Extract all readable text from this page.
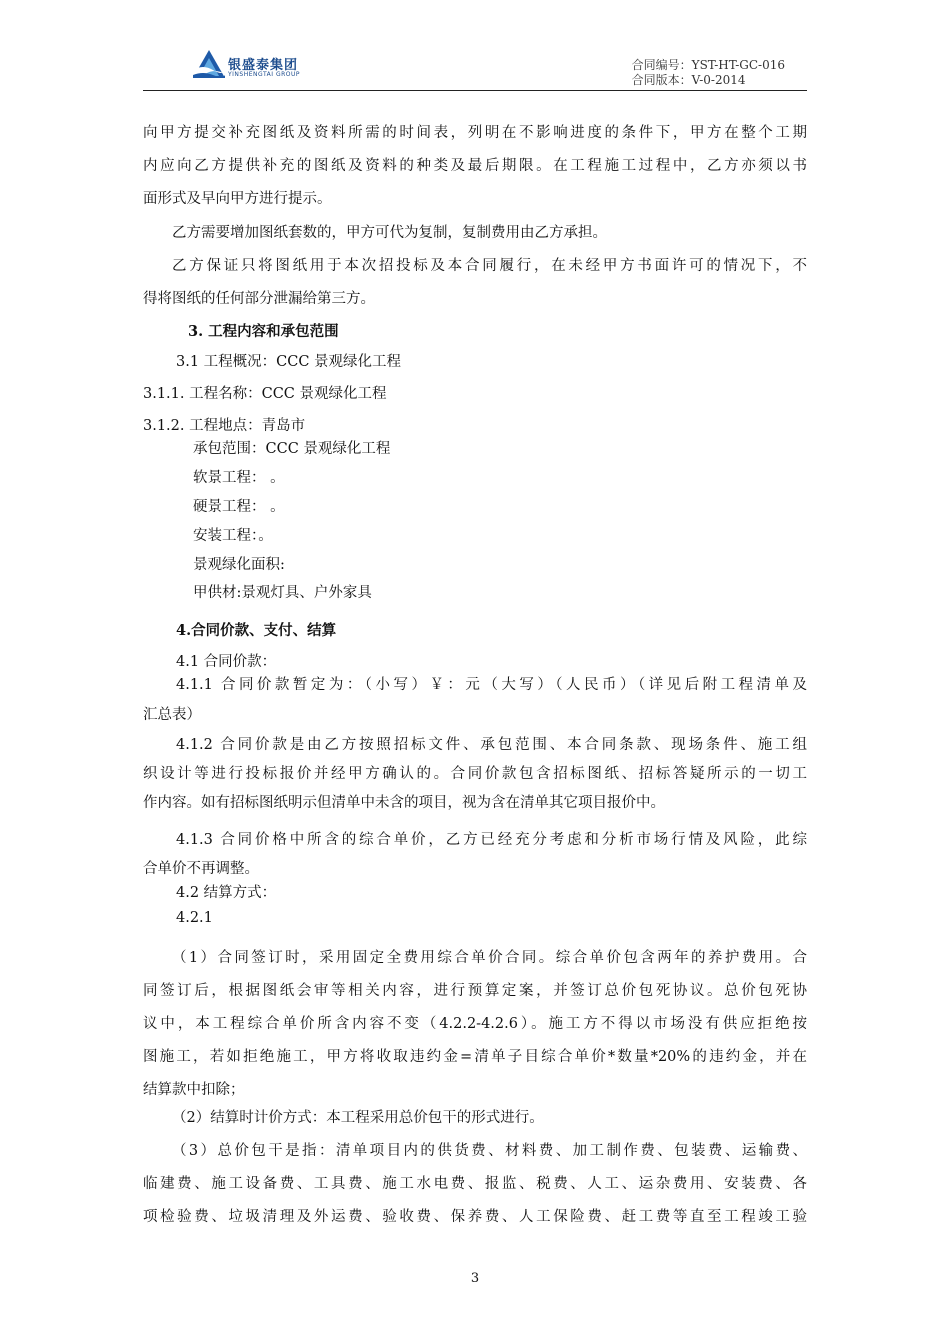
银盛泰集团
YINSHENGTAI GROUP
合同编号：YST-HT-GC-016
合同版本：V-0-2014
向甲方提交补充图纸及资料所需的时间表，列明在不影响进度的条件下，甲方在整个工期
内应向乙方提供补充的图纸及资料的种类及最后期限。在工程施工过程中，乙方亦须以书
面形式及早向甲方进行提示。
乙方需要增加图纸套数的，甲方可代为复制，复制费用由乙方承担。
乙方保证只将图纸用于本次招投标及本合同履行，在未经甲方书面许可的情况下，不
得将图纸的任何部分泄漏给第三方。
3. 工程内容和承包范围
3.1 工程概况：CCC 景观绿化工程
3.1.1. 工程名称：CCC 景观绿化工程
3.1.2. 工程地点：青岛市
承包范围：CCC 景观绿化工程
软景工程： 。
硬景工程： 。
安装工程：。
景观绿化面积:
甲供材:景观灯具、户外家具
4.合同价款、支付、结算
4.1 合同价款：
4.1.1 合同价款暂定为：（小写）￥：元（大写）（人民币）（详见后附工程清单及
汇总表）
4.1.2 合同价款是由乙方按照招标文件、承包范围、本合同条款、现场条件、施工组
织设计等进行投标报价并经甲方确认的。合同价款包含招标图纸、招标答疑所示的一切工
作内容。如有招标图纸明示但清单中未含的项目，视为含在清单其它项目报价中。
4.1.3 合同价格中所含的综合单价，乙方已经充分考虑和分析市场行情及风险，此综
合单价不再调整。
4.2 结算方式：
4.2.1
（1）合同签订时，采用固定全费用综合单价合同。综合单价包含两年的养护费用。合
同签订后，根据图纸会审等相关内容，进行预算定案，并签订总价包死协议。总价包死协
议中，本工程综合单价所含内容不变（4.2.2-4.2.6）。施工方不得以市场没有供应拒绝按
图施工，若如拒绝施工，甲方将收取违约金=清单子目综合单价*数量*20%的违约金，并在
结算款中扣除；
（2）结算时计价方式：本工程采用总价包干的形式进行。
（3）总价包干是指：清单项目内的供货费、材料费、加工制作费、包装费、运输费、
临建费、施工设备费、工具费、施工水电费、报监、税费、人工、运杂费用、安装费、各
项检验费、垃圾清理及外运费、验收费、保养费、人工保险费、赶工费等直至工程竣工验
3
